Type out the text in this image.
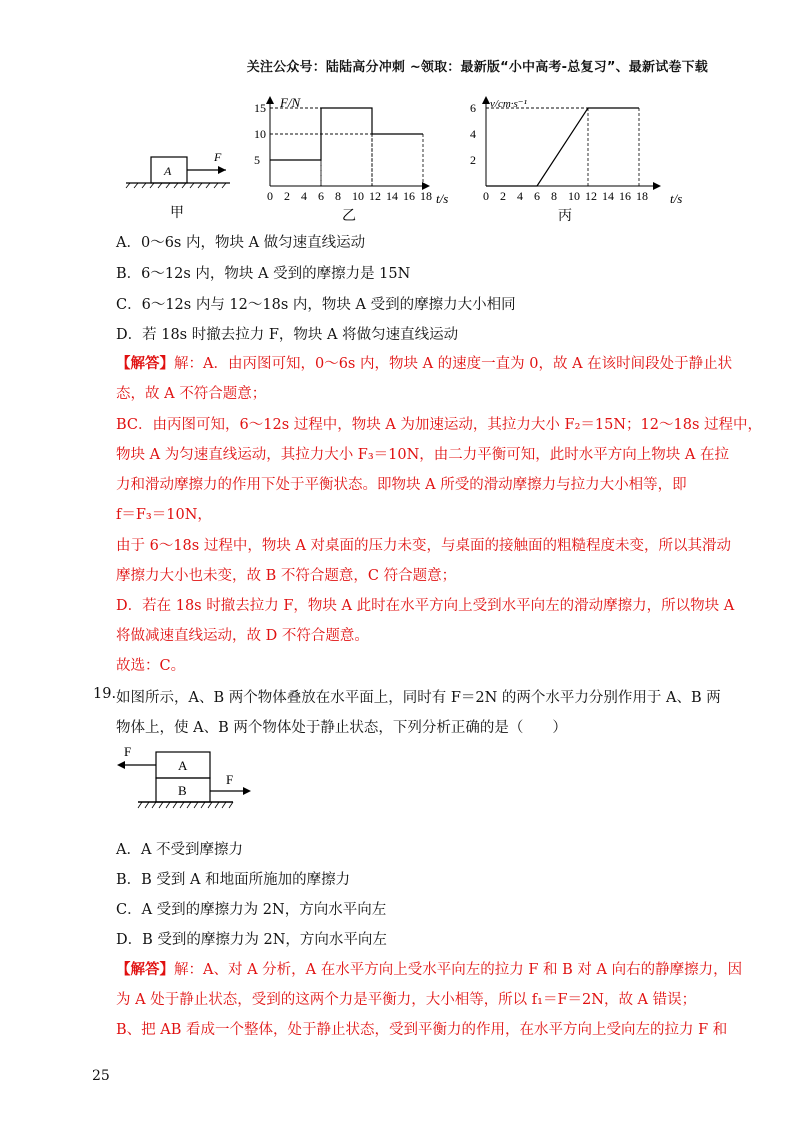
关注公众号：陆陆高分冲刺 ~领取：最新版“小中高考-总复习”、最新试卷下载
A
F
甲
F/N
t/s
0 2 4 6 8 10 12 14 16 18
15
10
5
乙
v/cm·s⁻¹
t/s
0 2 4 6 8 10 12 14 16 18
6
4
2
丙
A．0～6s 内，物块 A 做匀速直线运动
B．6～12s 内，物块 A 受到的摩擦力是 15N
C．6～12s 内与 12～18s 内，物块 A 受到的摩擦力大小相同
D．若 18s 时撤去拉力 F，物块 A 将做匀速直线运动
【解答】解：A．由丙图可知，0～6s 内，物块 A 的速度一直为 0，故 A 在该时间段处于静止状
态，故 A 不符合题意；
BC．由丙图可知，6～12s 过程中，物块 A 为加速运动，其拉力大小 F₂＝15N；12～18s 过程中，
物块 A 为匀速直线运动，其拉力大小 F₃＝10N，由二力平衡可知，此时水平方向上物块 A 在拉
力和滑动摩擦力的作用下处于平衡状态。即物块 A 所受的滑动摩擦力与拉力大小相等，即
f＝F₃＝10N，
由于 6～18s 过程中，物块 A 对桌面的压力未变，与桌面的接触面的粗糙程度未变，所以其滑动
摩擦力大小也未变，故 B 不符合题意，C 符合题意；
D．若在 18s 时撤去拉力 F，物块 A 此时在水平方向上受到水平向左的滑动摩擦力，所以物块 A
将做减速直线运动，故 D 不符合题意。
故选：C。
19. 如图所示，A、B 两个物体叠放在水平面上，同时有 F＝2N 的两个水平力分别作用于 A、B 两
物体上，使 A、B 两个物体处于静止状态，下列分析正确的是（　　）
A
B
F
F
A．A 不受到摩擦力
B．B 受到 A 和地面所施加的摩擦力
C．A 受到的摩擦力为 2N，方向水平向左
D．B 受到的摩擦力为 2N，方向水平向左
【解答】解：A、对 A 分析，A 在水平方向上受水平向左的拉力 F 和 B 对 A 向右的静摩擦力，因
为 A 处于静止状态，受到的这两个力是平衡力，大小相等，所以 f₁＝F＝2N，故 A 错误；
B、把 AB 看成一个整体，处于静止状态，受到平衡力的作用，在水平方向上受向左的拉力 F 和
25
